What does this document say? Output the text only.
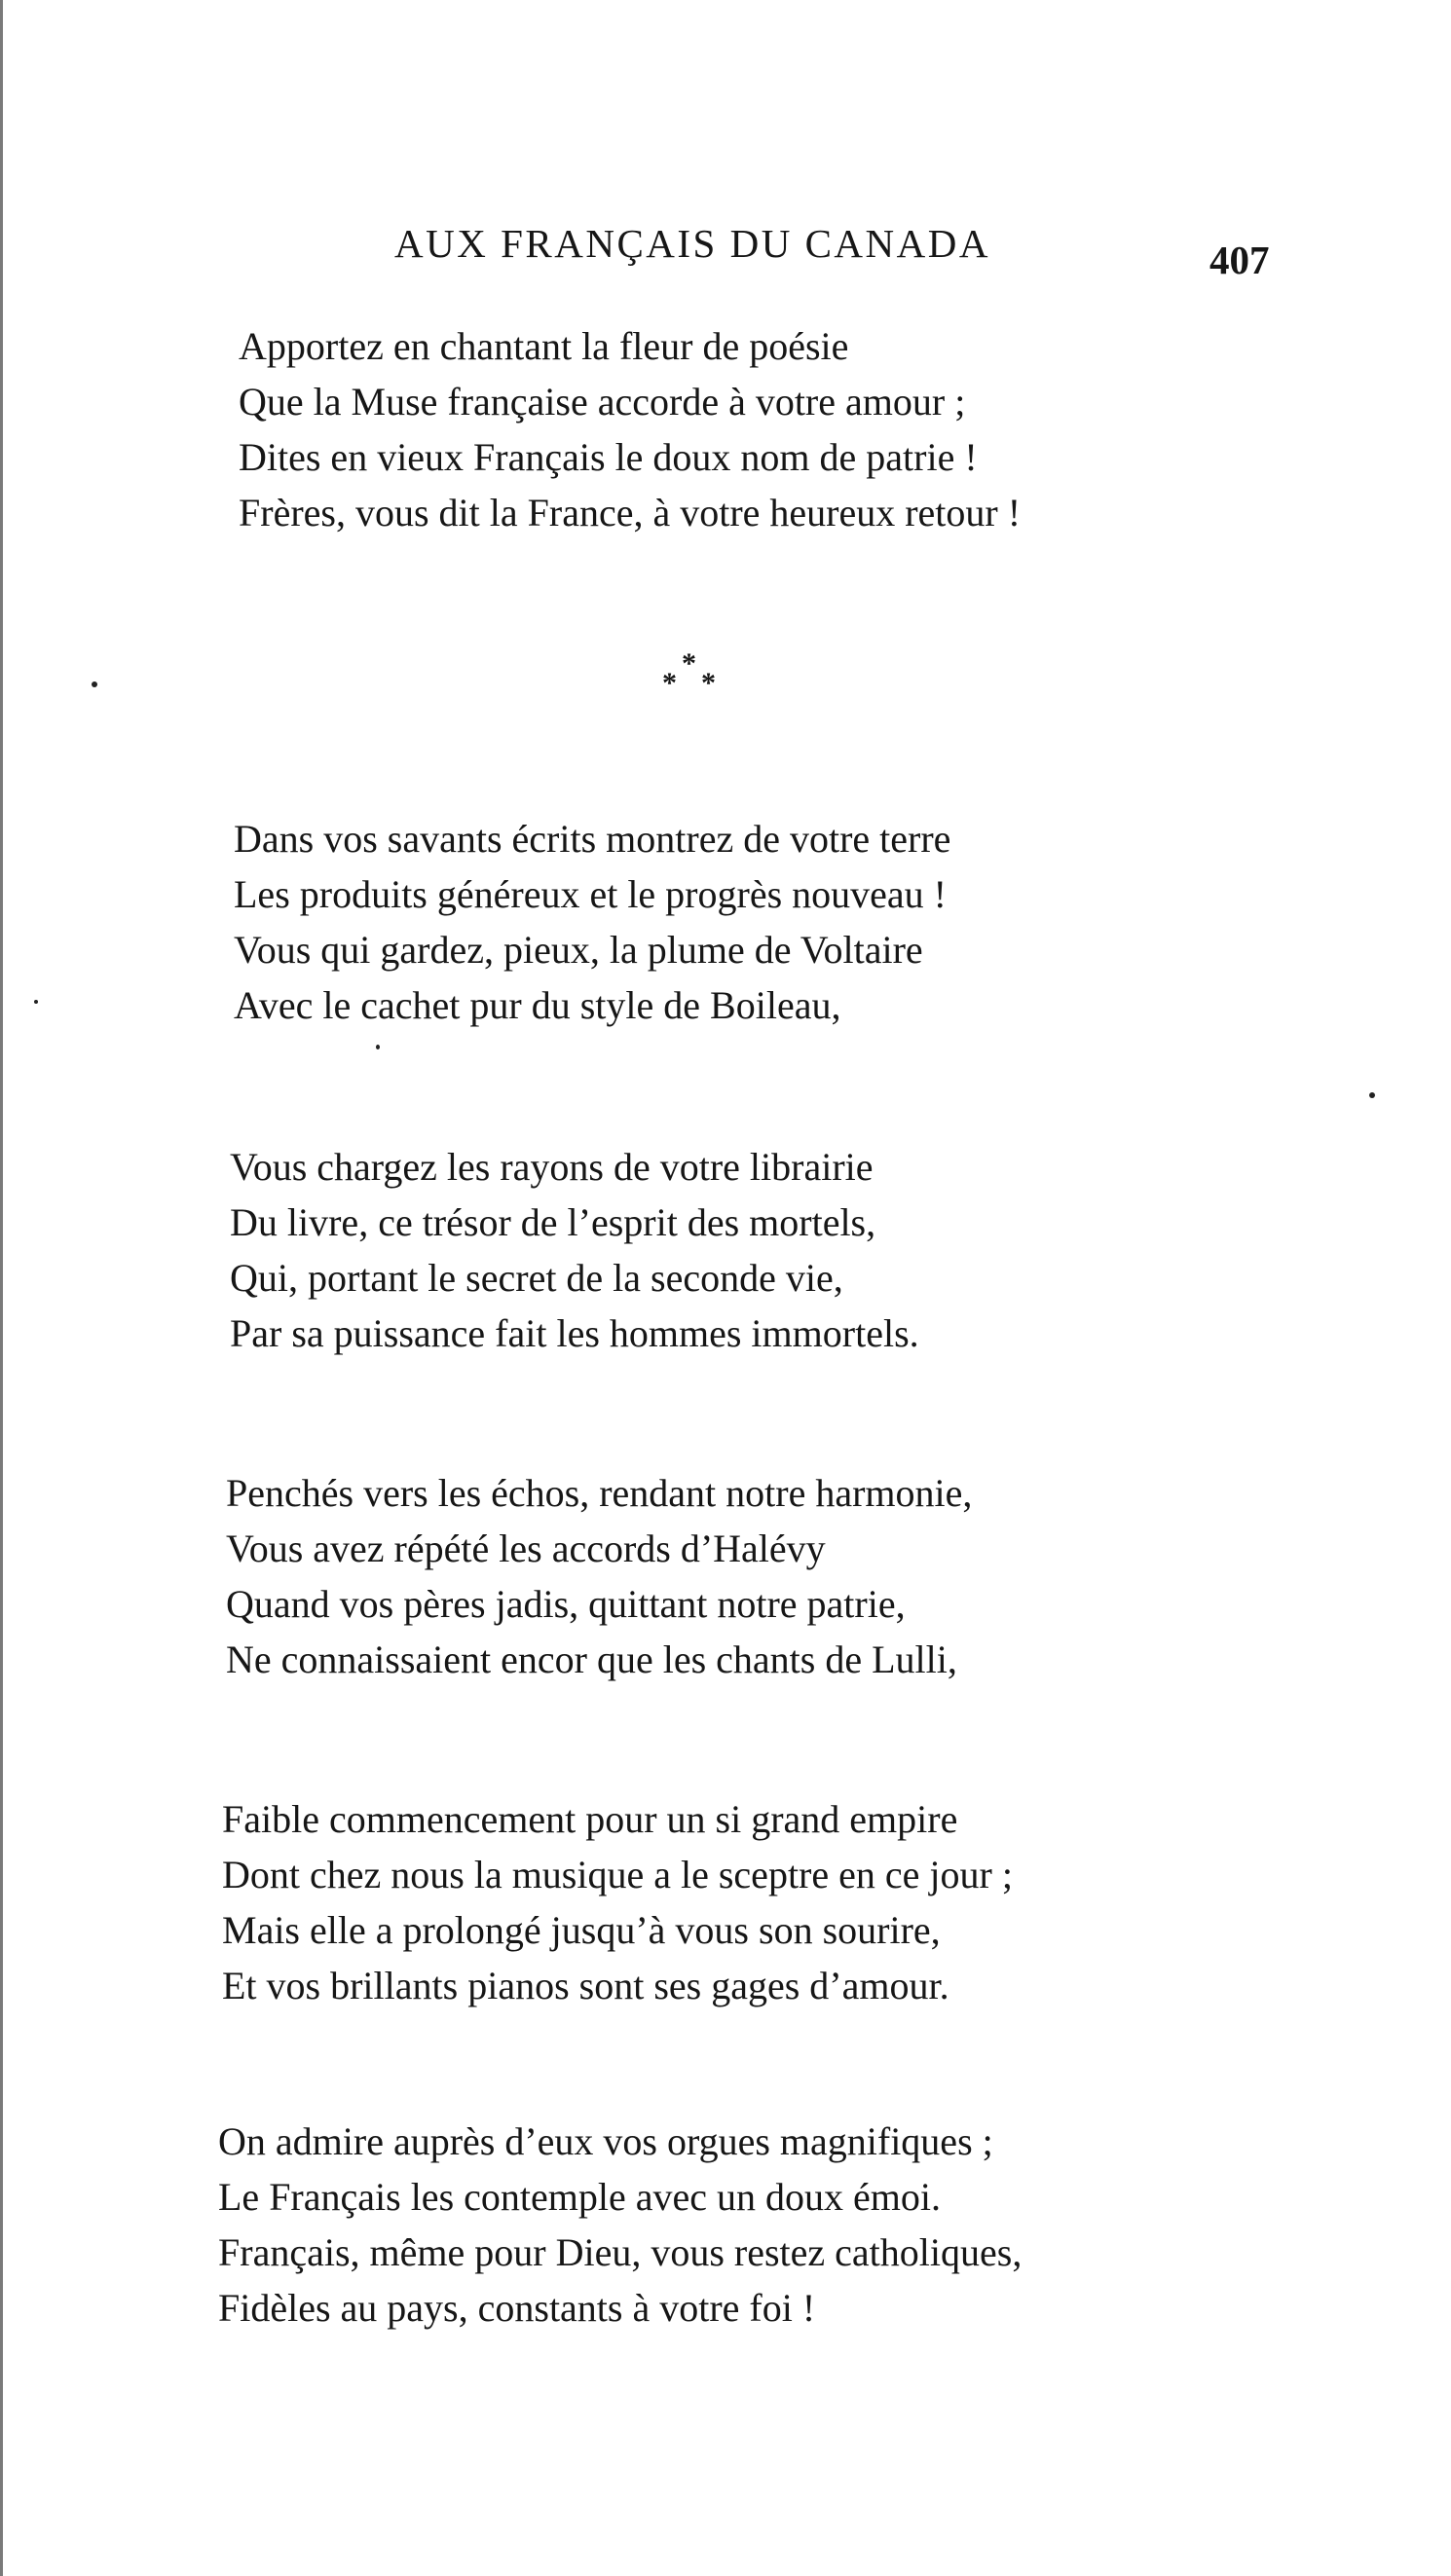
AUX FRANÇAIS DU CANADA	407
Apportez en chantant la fleur de poésie
Que la Muse française accorde à votre amour ;
Dites en vieux Français le doux nom de patrie !
Frères, vous dit la France, à votre heureux retour !
*
* *
Dans vos savants écrits montrez de votre terre
Les produits généreux et le progrès nouveau !
Vous qui gardez, pieux, la plume de Voltaire
Avec le cachet pur du style de Boileau,
Vous chargez les rayons de votre librairie
Du livre, ce trésor de l’esprit des mortels,
Qui, portant le secret de la seconde vie,
Par sa puissance fait les hommes immortels.
Penchés vers les échos, rendant notre harmonie,
Vous avez répété les accords d’Halévy
Quand vos pères jadis, quittant notre patrie,
Ne connaissaient encor que les chants de Lulli,
Faible commencement pour un si grand empire
Dont chez nous la musique a le sceptre en ce jour ;
Mais elle a prolongé jusqu’à vous son sourire,
Et vos brillants pianos sont ses gages d’amour.
On admire auprès d’eux vos orgues magnifiques ;
Le Français les contemple avec un doux émoi.
Français, même pour Dieu, vous restez catholiques,
Fidèles au pays, constants à votre foi !
